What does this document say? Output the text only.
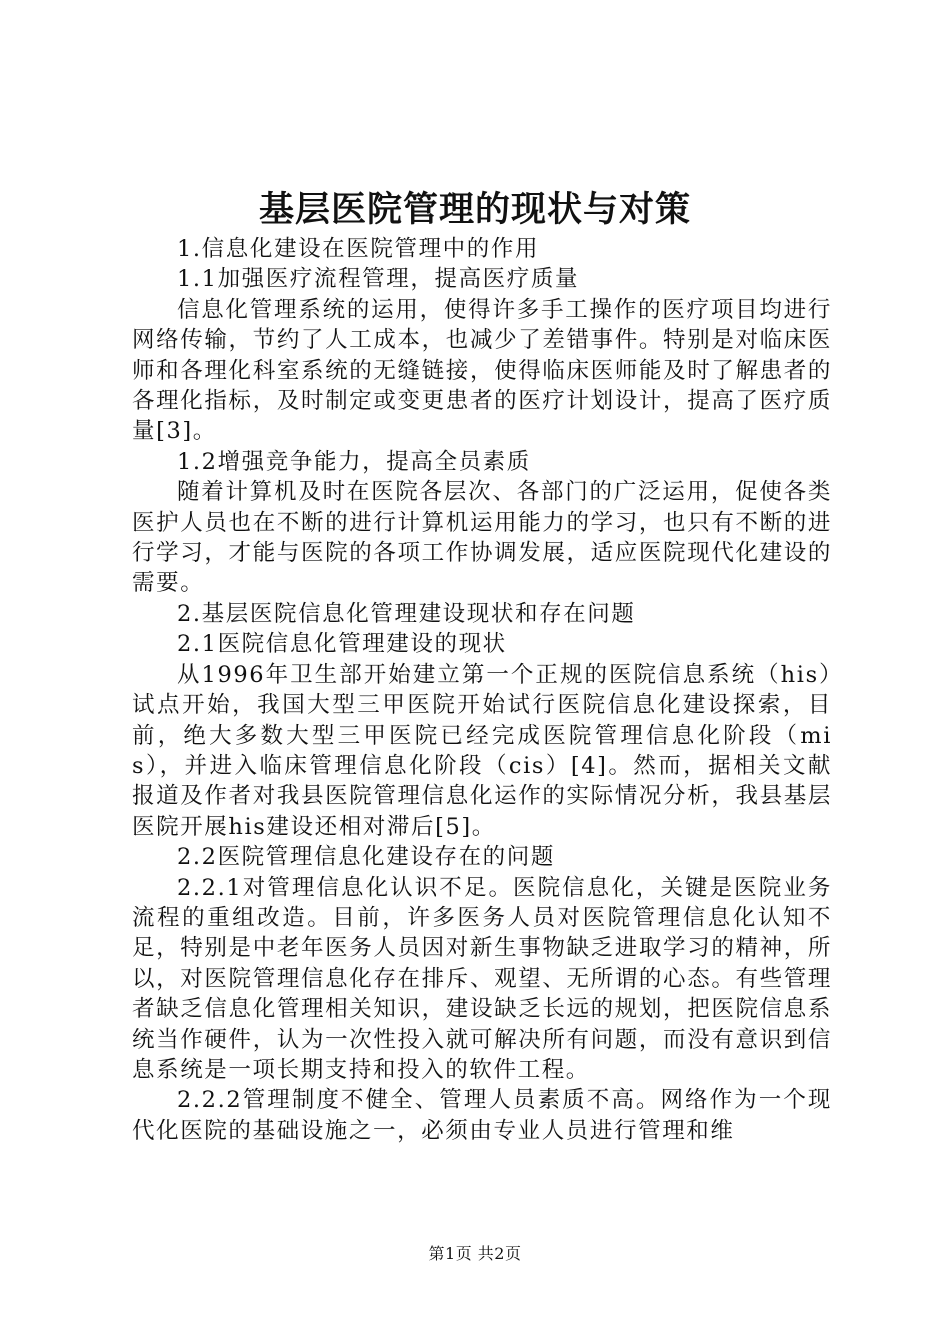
基层医院管理的现状与对策

1.信息化建设在医院管理中的作用

1.1加强医疗流程管理，提高医疗质量

信息化管理系统的运用，使得许多手工操作的医疗项目均进行网络传输，节约了人工成本，也减少了差错事件。特别是对临床医师和各理化科室系统的无缝链接，使得临床医师能及时了解患者的各理化指标，及时制定或变更患者的医疗计划设计，提高了医疗质量[3]。

1.2增强竞争能力，提高全员素质

随着计算机及时在医院各层次、各部门的广泛运用，促使各类医护人员也在不断的进行计算机运用能力的学习，也只有不断的进行学习，才能与医院的各项工作协调发展，适应医院现代化建设的需要。

2.基层医院信息化管理建设现状和存在问题

2.1医院信息化管理建设的现状

从1996年卫生部开始建立第一个正规的医院信息系统（his）试点开始，我国大型三甲医院开始试行医院信息化建设探索，目前，绝大多数大型三甲医院已经完成医院管理信息化阶段（mis），并进入临床管理信息化阶段（cis）[4]。然而，据相关文献报道及作者对我县医院管理信息化运作的实际情况分析，我县基层医院开展his建设还相对滞后[5]。

2.2医院管理信息化建设存在的问题

2.2.1对管理信息化认识不足。医院信息化，关键是医院业务流程的重组改造。目前，许多医务人员对医院管理信息化认知不足，特别是中老年医务人员因对新生事物缺乏进取学习的精神，所以，对医院管理信息化存在排斥、观望、无所谓的心态。有些管理者缺乏信息化管理相关知识，建设缺乏长远的规划，把医院信息系统当作硬件，认为一次性投入就可解决所有问题，而没有意识到信息系统是一项长期支持和投入的软件工程。

2.2.2管理制度不健全、管理人员素质不高。网络作为一个现代化医院的基础设施之一，必须由专业人员进行管理和维

第1页 共2页
